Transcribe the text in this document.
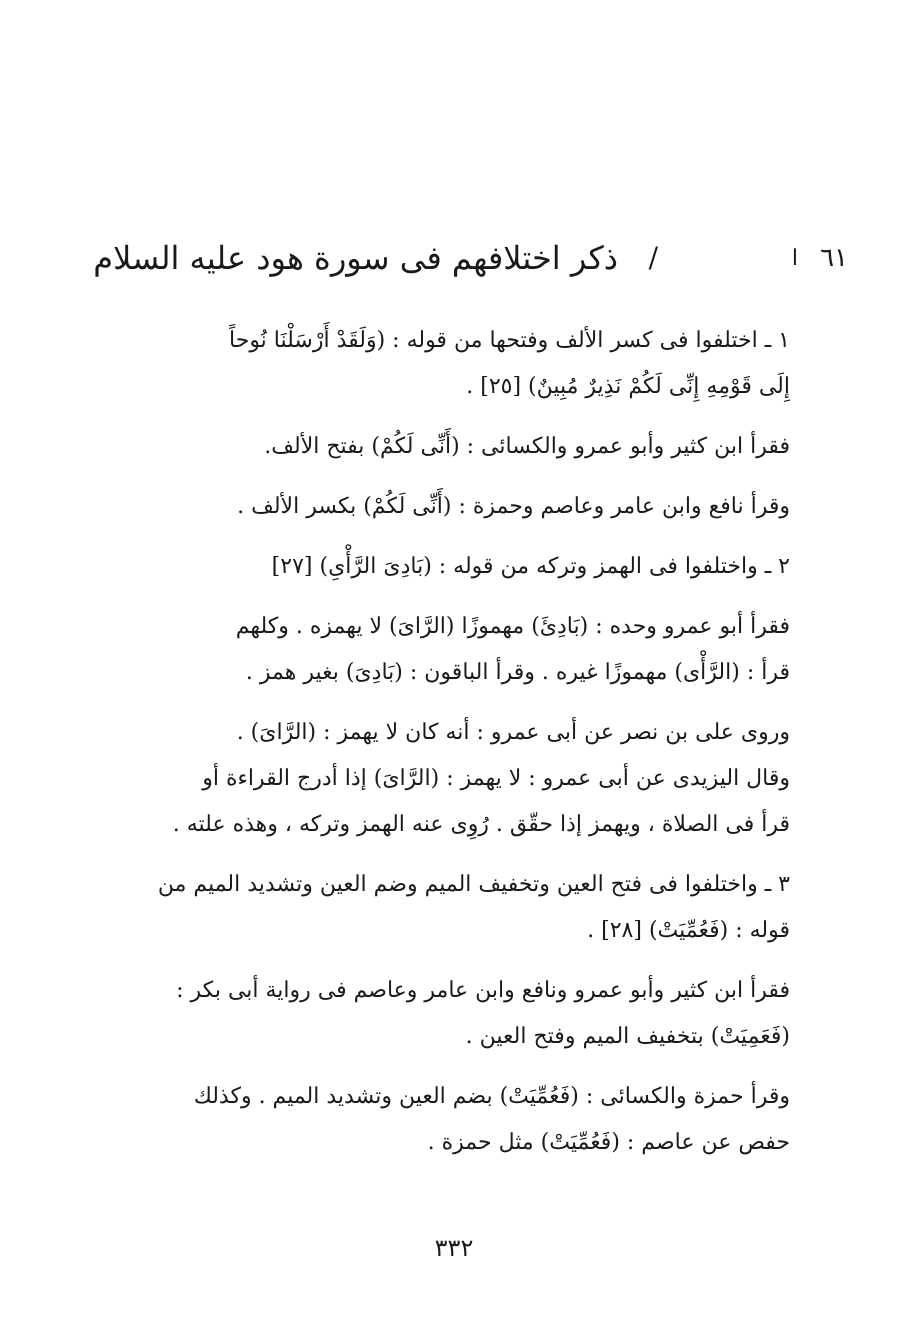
٦١
ا
/
ذكر اختلافهم فى سورة هود عليه السلام

١ ـ اختلفوا فى كسر الألف وفتحها من قوله : (وَلَقَدْ أَرْسَلْنَا نُوحاً
إِلَى قَوْمِهِ إِنِّى لَكُمْ نَذِيرٌ مُبِينٌ) [٢٥] .

فقرأ ابن كثير وأبو عمرو والكسائى : (أَنِّى لَكُمْ) بفتح الألف.

وقرأ نافع وابن عامر وعاصم وحمزة : (أَنِّى لَكُمْ) بكسر الألف .

٢ ـ واختلفوا فى الهمز وتركه من قوله : (بَادِىَ الرَّأْىِ) [٢٧]

فقرأ أبو عمرو وحده : (بَادِئَ) مهموزًا (الرَّاىَ) لا يهمزه . وكلهم
قرأ : (الرَّأْى) مهموزًا غيره . وقرأ الباقون : (بَادِىَ) بغير همز .

وروى على بن نصر عن أبى عمرو : أنه كان لا يهمز : (الرَّاىَ) .
وقال اليزيدى عن أبى عمرو : لا يهمز : (الرَّاىَ) إذا أدرج القراءة أو
قرأ فى الصلاة ، ويهمز إذا حقّق . رُوِى عنه الهمز وتركه ، وهذه علته .

٣ ـ واختلفوا فى فتح العين وتخفيف الميم وضم العين وتشديد الميم من
قوله : (فَعُمِّيَتْ) [٢٨] .

فقرأ ابن كثير وأبو عمرو ونافع وابن عامر وعاصم فى رواية أبى بكر :
(فَعَمِيَتْ) بتخفيف الميم وفتح العين .

وقرأ حمزة والكسائى : (فَعُمِّيَتْ) بضم العين وتشديد الميم . وكذلك
حفص عن عاصم : (فَعُمِّيَتْ) مثل حمزة .

٣٣٢
